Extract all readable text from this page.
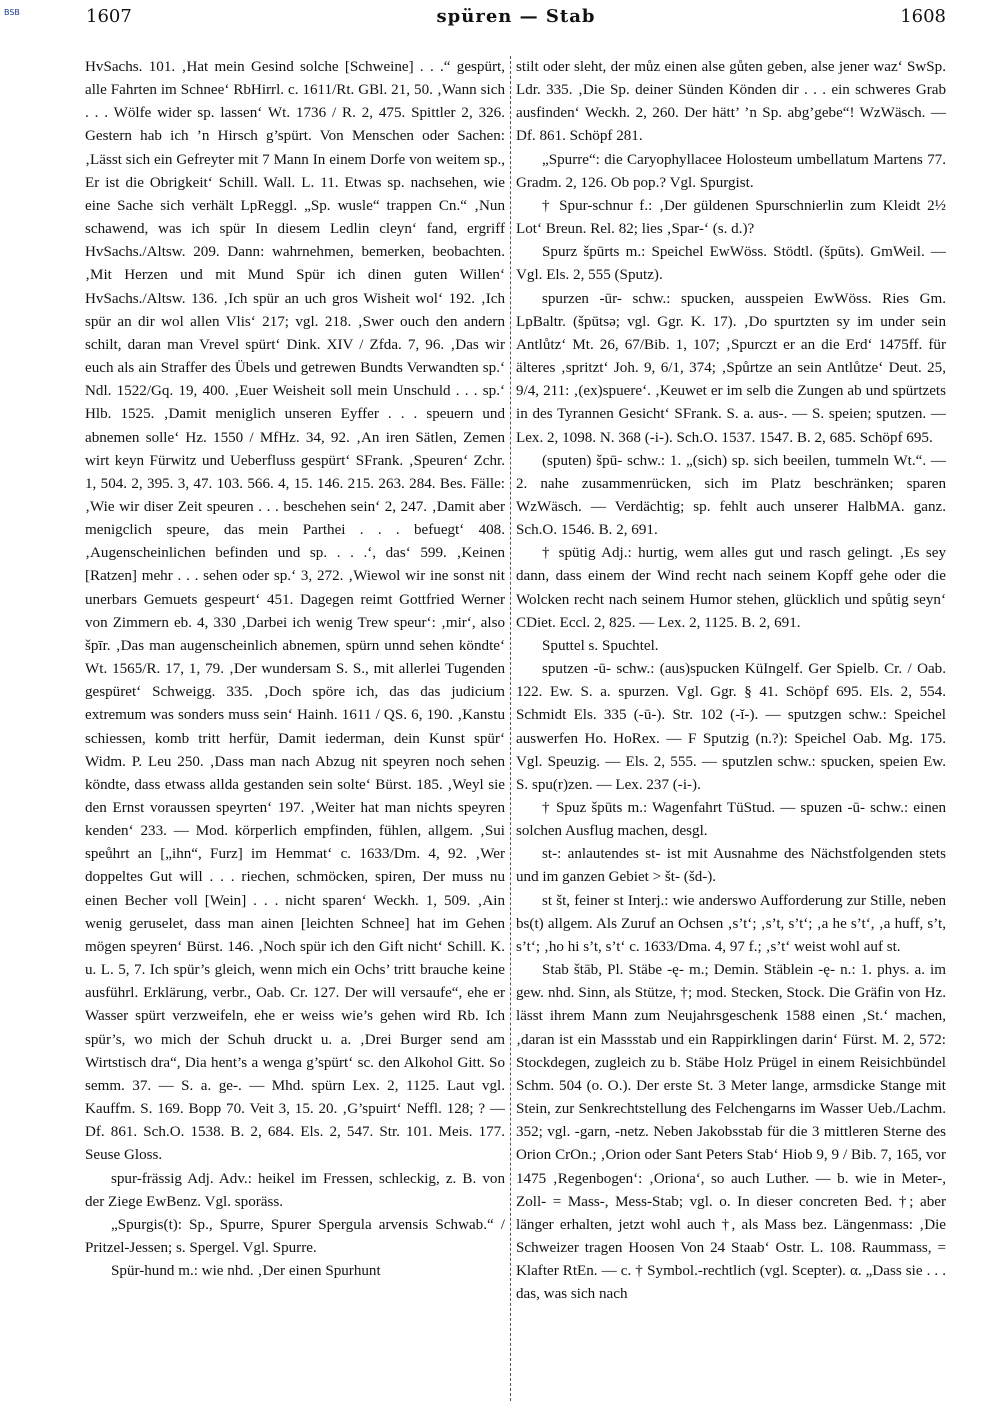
BSB	1607	spüren — Stab	1608

HvSachs. 101. ‚Hat mein Gesind solche [Schweine] . . .“ gespürt, alle Fahrten im Schnee‘ RbHirrl. c. 1611/Rt. GBl. 21, 50. ‚Wann sich . . . Wölfe wider sp. lassen‘ Wt. 1736 / R. 2, 475. Spittler 2, 326. Gestern hab ich ’n Hirsch g’spürt. Von Menschen oder Sachen: ‚Lässt sich ein Gefreyter mit 7 Mann In einem Dorfe von weitem sp., Er ist die Obrigkeit‘ Schill. Wall. L. 11. Etwas sp. nachsehen, wie eine Sache sich verhält LpReggl. „Sp. wusle“ trappen Cn.“ ‚Nun schawend, was ich spür In diesem Ledlin cleyn‘ fand, ergriff HvSachs./Altsw. 209. Dann: wahrnehmen, bemerken, beobachten. ‚Mit Herzen und mit Mund Spür ich dinen guten Willen‘ HvSachs./Altsw. 136. ‚Ich spür an uch gros Wisheit wol‘ 192. ‚Ich spür an dir wol allen Vlis‘ 217; vgl. 218. ‚Swer ouch den andern schilt, daran man Vrevel spürt‘ Dink. XIV / Zfda. 7, 96. ‚Das wir euch als ain Straffer des Übels und getrewen Bundts Verwandten sp.‘ Ndl. 1522/Gq. 19, 400. ‚Euer Weisheit soll mein Unschuld . . . sp.‘ Hlb. 1525. ‚Damit meniglich unseren Eyffer . . . speuern und abnemen solle‘ Hz. 1550 / MfHz. 34, 92. ‚An iren Sätlen, Zemen wirt keyn Fürwitz und Ueberfluss gespürt‘ SFrank. ‚Speuren‘ Zchr. 1, 504. 2, 395. 3, 47. 103. 566. 4, 15. 146. 215. 263. 284. Bes. Fälle: ‚Wie wir diser Zeit speuren . . . beschehen sein‘ 2, 247. ‚Damit aber menigclich speure, das mein Parthei . . . befuegt‘ 408. ‚Augenscheinlichen befinden und sp. . . .‘, das‘ 599. ‚Keinen [Ratzen] mehr . . . sehen oder sp.‘ 3, 272. ‚Wiewol wir ine sonst nit unerbars Gemuets gespeurt‘ 451. Dagegen reimt Gottfried Werner von Zimmern eb. 4, 330 ‚Darbei ich wenig Trew speur‘: ‚mir‘, also špīr. ‚Das man augenscheinlich abnemen, spürn unnd sehen köndte‘ Wt. 1565/R. 17, 1, 79. ‚Der wundersam S. S., mit allerlei Tugenden gespüret‘ Schweigg. 335. ‚Doch spöre ich, das das judicium extremum was sonders muss sein‘ Hainh. 1611 / QS. 6, 190. ‚Kanstu schiessen, komb tritt herfür, Damit iederman, dein Kunst spür‘ Widm. P. Leu 250. ‚Dass man nach Abzug nit speyren noch sehen köndte, dass etwass allda gestanden sein solte‘ Bürst. 185. ‚Weyl sie den Ernst voraussen speyrten‘ 197. ‚Weiter hat man nichts speyren kenden‘ 233. — Mod. körperlich empfinden, fühlen, allgem. ‚Sui speůhrt an [„ihn“, Furz] im Hemmat‘ c. 1633/Dm. 4, 92. ‚Wer doppeltes Gut will . . . riechen, schmöcken, spiren, Der muss nu einen Becher voll [Wein] . . . nicht sparen‘ Weckh. 1, 509. ‚Ain wenig geruselet, dass man ainen [leichten Schnee] hat im Gehen mögen speyren‘ Bürst. 146. ‚Noch spür ich den Gift nicht‘ Schill. K. u. L. 5, 7. Ich spür’s gleich, wenn mich ein Ochs’ tritt brauche keine ausführl. Erklärung, verbr., Oab. Cr. 127. Der will versaufe“, ehe er Wasser spürt verzweifeln, ehe er weiss wie’s gehen wird Rb. Ich spür’s, wo mich der Schuh druckt u. a. ‚Drei Burger send am Wirtstisch dra“, Dia hent’s a wenga g’spürt‘ sc. den Alkohol Gitt. So semm. 37. — S. a. ge-. — Mhd. spürn Lex. 2, 1125. Laut vgl. Kauffm. S. 169. Bopp 70. Veit 3, 15. 20. ‚G’spuirt‘ Neffl. 128; ? — Df. 861. Sch.O. 1538. B. 2, 684. Els. 2, 547. Str. 101. Meis. 177. Seuse Gloss.

spur-frässig Adj. Adv.: heikel im Fressen, schleckig, z. B. von der Ziege EwBenz. Vgl. sporäss.

„Spurgis(t): Sp., Spurre, Spurer Spergula arvensis Schwab.“ / Pritzel-Jessen; s. Spergel. Vgl. Spurre.

Spür-hund m.: wie nhd. ‚Der einen Spurhunt

stilt oder sleht, der můz einen alse gůten geben, alse jener waz‘ SwSp. Ldr. 335. ‚Die Sp. deiner Sünden Könden dir . . . ein schweres Grab ausfinden‘ Weckh. 2, 260. Der hätt’ ’n Sp. abg’gebe“! WzWäsch. — Df. 861. Schöpf 281.

„Spurre“: die Caryophyllacee Holosteum umbellatum Martens 77. Gradm. 2, 126. Ob pop.? Vgl. Spurgist.

† Spur-schnur f.: ‚Der güldenen Spurschnierlin zum Kleidt 2½ Lot‘ Breun. Rel. 82; lies ‚Spar-‘ (s. d.)?

Spurz špūrts m.: Speichel EwWöss. Stödtl. (špūts). GmWeil. — Vgl. Els. 2, 555 (Sputz).

spurzen -ūr- schw.: spucken, ausspeien EwWöss. Ries Gm. LpBaltr. (špūtsə; vgl. Ggr. K. 17). ‚Do spurtzten sy im under sein Antlůtz‘ Mt. 26, 67/Bib. 1, 107; ‚Spurczt er an die Erd‘ 1475ff. für älteres ‚spritzt‘ Joh. 9, 6/1, 374; ‚Spůrtze an sein Antlůtze‘ Deut. 25, 9/4, 211: ‚(ex)spuere‘. ‚Keuwet er im selb die Zungen ab und spürtzets in des Tyrannen Gesicht‘ SFrank. S. a. aus-. — S. speien; sputzen. — Lex. 2, 1098. N. 368 (-i-). Sch.O. 1537. 1547. B. 2, 685. Schöpf 695.

(sputen) špū- schw.: 1. „(sich) sp. sich beeilen, tummeln Wt.“. — 2. nahe zusammenrücken, sich im Platz beschränken; sparen WzWäsch. — Verdächtig; sp. fehlt auch unserer HalbMA. ganz. Sch.O. 1546. B. 2, 691.

† spütig Adj.: hurtig, wem alles gut und rasch gelingt. ‚Es sey dann, dass einem der Wind recht nach seinem Kopff gehe oder die Wolcken recht nach seinem Humor stehen, glücklich und spůtig seyn‘ CDiet. Eccl. 2, 825. — Lex. 2, 1125. B. 2, 691.

Sputtel s. Spuchtel.

sputzen -ū- schw.: (aus)spucken KüIngelf. Ger Spielb. Cr. / Oab. 122. Ew. S. a. spurzen. Vgl. Ggr. § 41. Schöpf 695. Els. 2, 554. Schmidt Els. 335 (-ū-). Str. 102 (-ĭ-). — sputzgen schw.: Speichel auswerfen Ho. HoRex. — F Sputzig (n.?): Speichel Oab. Mg. 175. Vgl. Speuzig. — Els. 2, 555. — sputzlen schw.: spucken, speien Ew. S. spu(r)zen. — Lex. 237 (-i-).

† Spuz špūts m.: Wagenfahrt TüStud. — spuzen -ū- schw.: einen solchen Ausflug machen, desgl.

st-: anlautendes st- ist mit Ausnahme des Nächstfolgenden stets und im ganzen Gebiet > št- (šd-).

st št, feiner st Interj.: wie anderswo Aufforderung zur Stille, neben bs(t) allgem. Als Zuruf an Ochsen ‚s’t‘; ‚s’t, s’t‘; ‚a he s’t‘, ‚a huff, s’t, s’t‘; ‚ho hi s’t, s’t‘ c. 1633/Dma. 4, 97 f.; ‚s’t‘ weist wohl auf st.

Stab štāb, Pl. Stäbe -ę- m.; Demin. Stäblein -ę- n.: 1. phys. a. im gew. nhd. Sinn, als Stütze, †; mod. Stecken, Stock. Die Gräfin von Hz. lässt ihrem Mann zum Neujahrsgeschenk 1588 einen ‚St.‘ machen, ‚daran ist ein Massstab und ein Rappirklingen darin‘ Fürst. M. 2, 572: Stockdegen, zugleich zu b. Stäbe Holz Prügel in einem Reisichbündel Schm. 504 (o. O.). Der erste St. 3 Meter lange, armsdicke Stange mit Stein, zur Senkrechtstellung des Felchengarns im Wasser Ueb./Lachm. 352; vgl. -garn, -netz. Neben Jakobsstab für die 3 mittleren Sterne des Orion CrOn.; ‚Orion oder Sant Peters Stab‘ Hiob 9, 9 / Bib. 7, 165, vor 1475 ‚Regenbogen‘: ‚Oriona‘, so auch Luther. — b. wie in Meter-, Zoll- = Mass-, Mess-Stab; vgl. o. In dieser concreten Bed. †; aber länger erhalten, jetzt wohl auch †, als Mass bez. Längenmass: ‚Die Schweizer tragen Hoosen Von 24 Staab‘ Ostr. L. 108. Raummass, = Klafter RtEn. — c. † Symbol.-rechtlich (vgl. Scepter). α. „Dass sie . . . das, was sich nach
